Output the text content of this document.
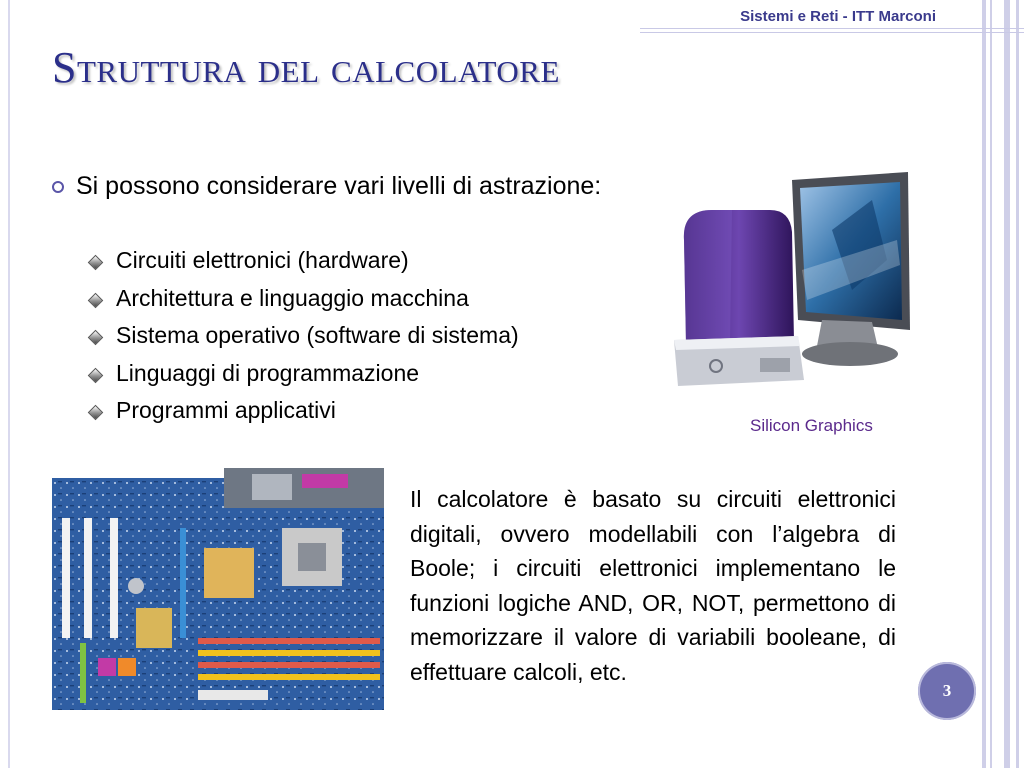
Sistemi e Reti - ITT Marconi
Struttura del calcolatore
Si possono considerare vari livelli di astrazione:
Circuiti elettronici (hardware)
Architettura e linguaggio macchina
Sistema operativo (software di sistema)
Linguaggi di programmazione
Programmi applicativi
Silicon Graphics

Il calcolatore è basato su circuiti elettronici digitali, ovvero modellabili con l’algebra di Boole; i circuiti elettronici implementano le funzioni logiche AND, OR, NOT, permettono di memorizzare il valore di variabili booleane, di effettuare calcoli, etc.

3
